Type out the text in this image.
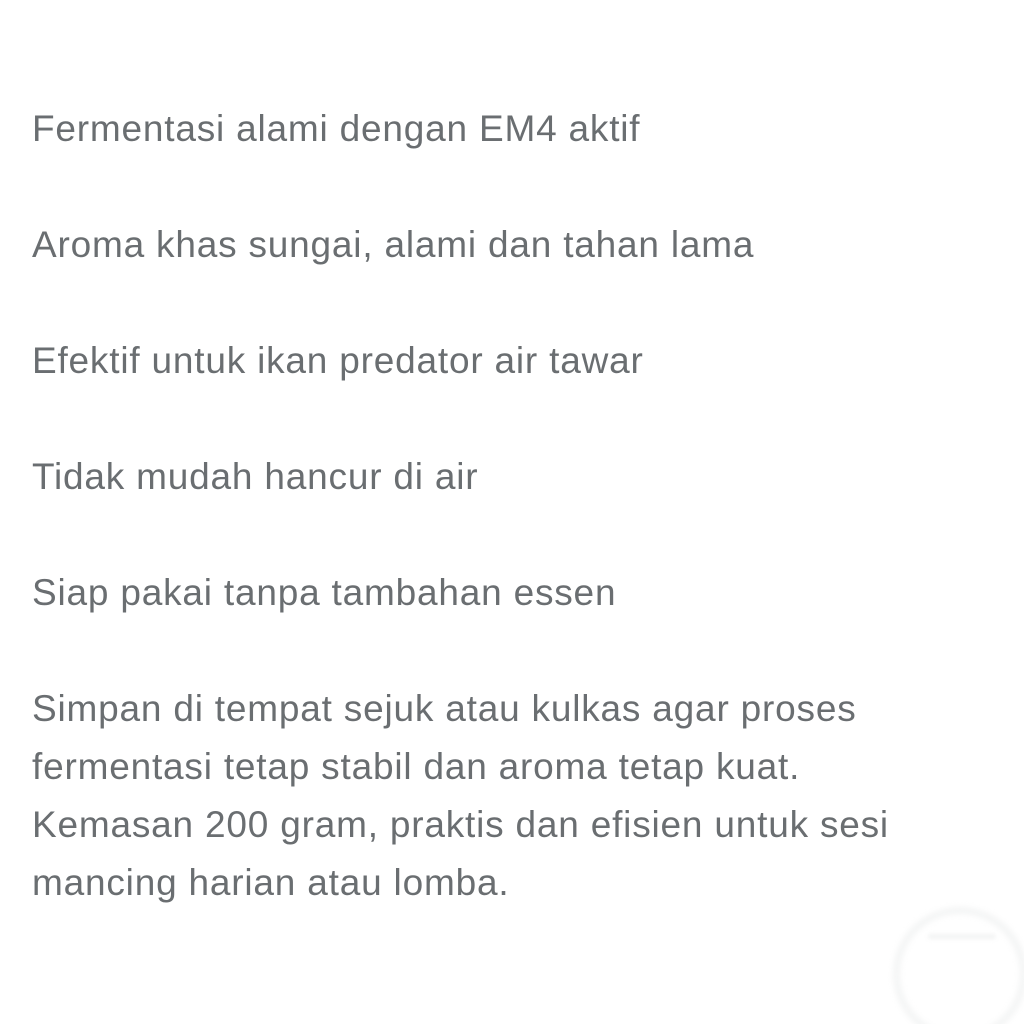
Fermentasi alami dengan EM4 aktif
Aroma khas sungai, alami dan tahan lama
Efektif untuk ikan predator air tawar
Tidak mudah hancur di air
Siap pakai tanpa tambahan essen
Simpan di tempat sejuk atau kulkas agar proses
fermentasi tetap stabil dan aroma tetap kuat.
Kemasan 200 gram, praktis dan efisien untuk sesi
mancing harian atau lomba.
